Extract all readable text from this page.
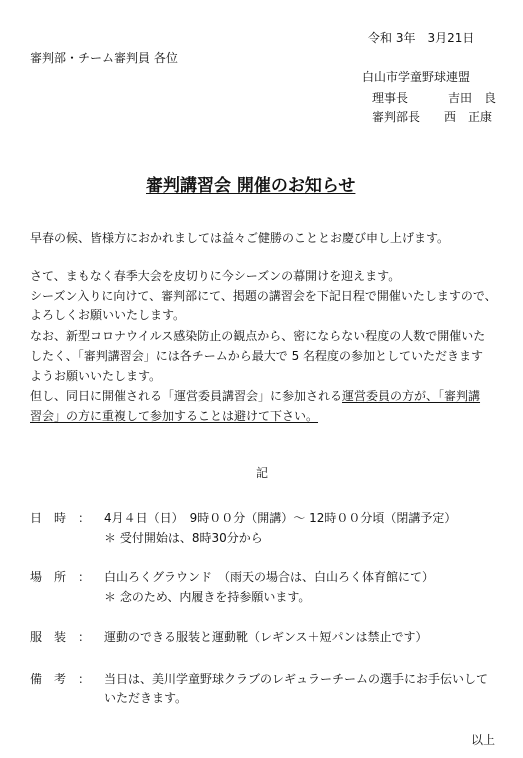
令和 3年　3月21日
審判部・チーム審判員 各位
白山市学童野球連盟
理事長	吉田　良
審判部長 西　正康
審判講習会 開催のお知らせ
早春の候、皆様方におかれましては益々ご健勝のこととお慶び申し上げます。
さて、まもなく春季大会を皮切りに今シーズンの幕開けを迎えます。
シーズン入りに向けて、審判部にて、掲題の講習会を下記日程で開催いたしますので、
よろしくお願いいたします。
なお、新型コロナウイルス感染防止の観点から、密にならない程度の人数で開催いた
したく、「審判講習会」には各チームから最大で 5 名程度の参加としていただきます
ようお願いいたします。
但し、同日に開催される「運営委員講習会」に参加される運営委員の方が、「審判講
習会」の方に重複して参加することは避けて下さい。
記
日　時　： 4月４日（日）　9時００分（開講）～ 12時００分頃（閉講予定）
＊ 受付開始は、8時30分から
場　所　： 白山ろくグラウンド　（雨天の場合は、白山ろく体育館にて）
＊ 念のため、内履きを持参願います。
服　装　： 運動のできる服装と運動靴（レギンス＋短パンは禁止です）
備　考　： 当日は、美川学童野球クラブのレギュラーチームの選手にお手伝いして
いただきます。
以上
